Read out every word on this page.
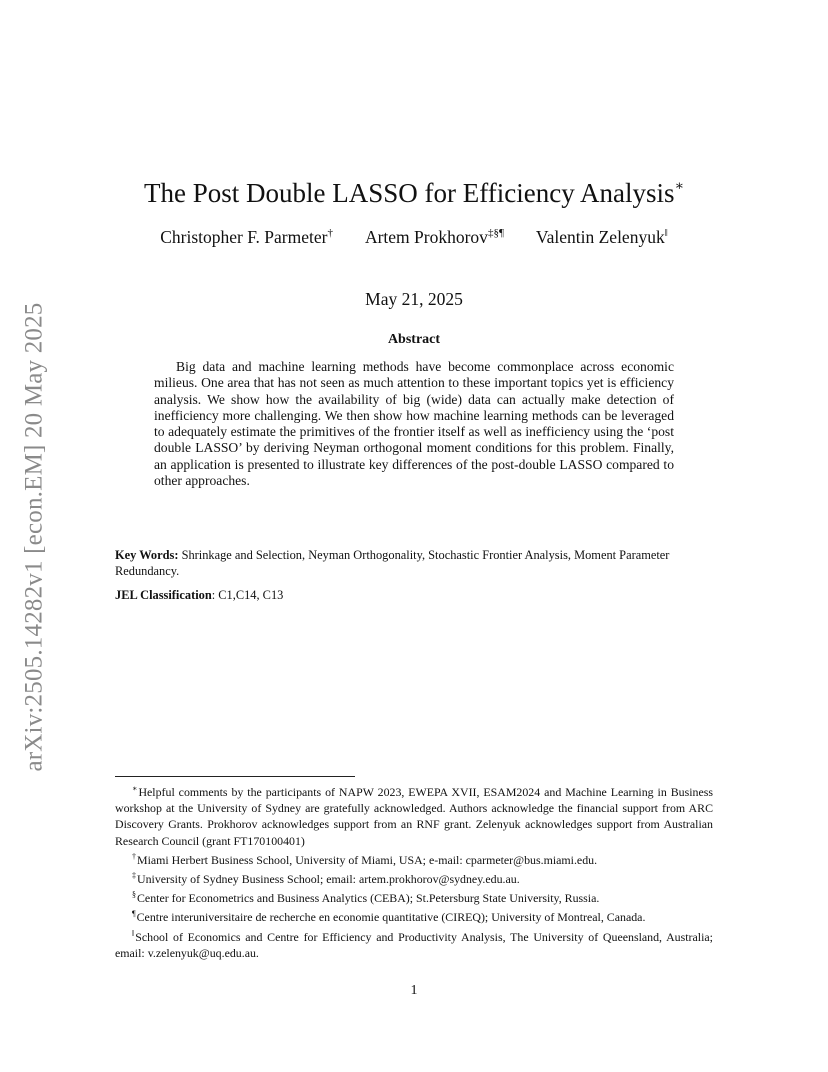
arXiv:2505.14282v1 [econ.EM] 20 May 2025
The Post Double LASSO for Efficiency Analysis∗
Christopher F. Parmeter† Artem Prokhorov‡§¶ Valentin Zelenyuk‖
May 21, 2025
Abstract

Big data and machine learning methods have become commonplace across economic milieus. One area that has not seen as much attention to these important topics yet is efficiency analysis. We show how the availability of big (wide) data can actually make detection of inefficiency more challenging. We then show how machine learning methods can be leveraged to adequately estimate the primitives of the frontier itself as well as inefficiency using the ‘post double LASSO’ by deriving Neyman orthogonal moment conditions for this problem. Finally, an application is presented to illustrate key differences of the post-double LASSO compared to other approaches.

Key Words: Shrinkage and Selection, Neyman Orthogonality, Stochastic Frontier Analysis, Moment Parameter Redundancy.

JEL Classification: C1,C14, C13

∗Helpful comments by the participants of NAPW 2023, EWEPA XVII, ESAM2024 and Machine Learning in Business workshop at the University of Sydney are gratefully acknowledged. Authors acknowledge the financial support from ARC Discovery Grants. Prokhorov acknowledges support from an RNF grant. Zelenyuk acknowledges support from Australian Research Council (grant FT170100401)

†Miami Herbert Business School, University of Miami, USA; e-mail: cparmeter@bus.miami.edu.

‡University of Sydney Business School; email: artem.prokhorov@sydney.edu.au.

§Center for Econometrics and Business Analytics (CEBA); St.Petersburg State University, Russia.

¶Centre interuniversitaire de recherche en economie quantitative (CIREQ); University of Montreal, Canada.

‖School of Economics and Centre for Efficiency and Productivity Analysis, The University of Queensland, Australia; email: v.zelenyuk@uq.edu.au.

1
